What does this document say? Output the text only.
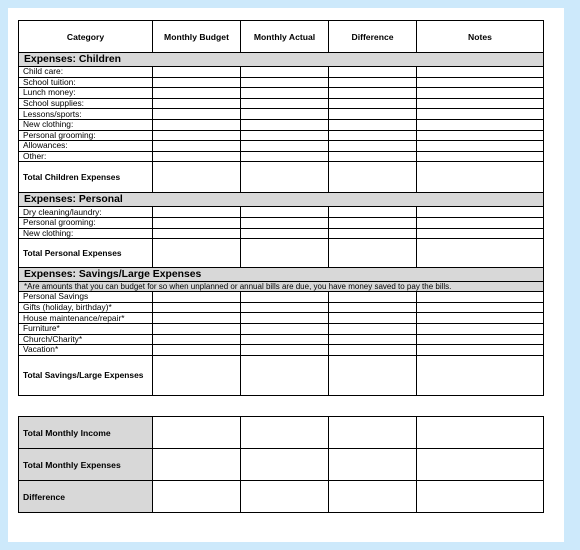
Category	Monthly Budget	Monthly Actual	Difference	Notes
Expenses: Children				
Child care:				
School tuition:				
Lunch money:				
School supplies:				
Lessons/sports:				
New clothing:				
Personal grooming:				
Allowances:				
Other:				
Total Children Expenses				
Expenses: Personal				
Dry cleaning/laundry:				
Personal grooming:				
New clothing:				
Total Personal Expenses				
Expenses: Savings/Large Expenses				
*Are amounts that you can budget for so when unplanned or annual bills are due, you have money saved to pay the bills.				
Personal Savings				
Gifts (holiday, birthday)*				
House maintenance/repair*				
Furniture*				
Church/Charity*				
Vacation*				
Total Savings/Large Expenses				
Total Monthly Income				
Total Monthly Expenses				
Difference				
